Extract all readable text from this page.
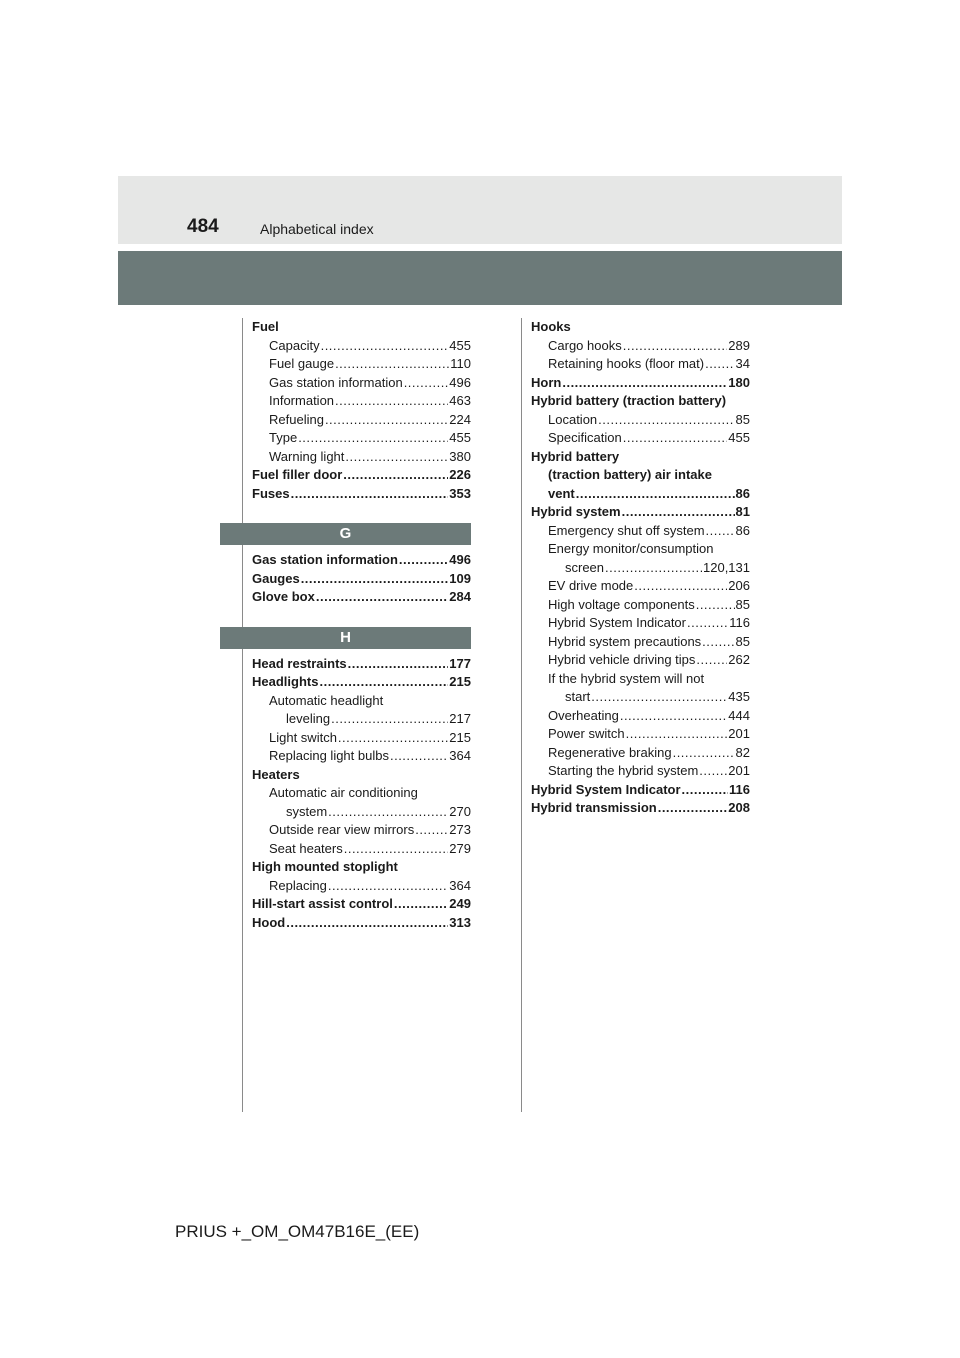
484	Alphabetical index
Fuel
Capacity .....	455
Fuel gauge .....	110
Gas station information .....	496
Information .....	463
Refueling .....	224
Type .....	455
Warning light .....	380
Fuel filler door .....	226
Fuses .....	353
G
Gas station information .....	496
Gauges .....	109
Glove box .....	284
H
Head restraints .....	177
Headlights .....	215
Automatic headlight
leveling .....	217
Light switch .....	215
Replacing light bulbs .....	364
Heaters
Automatic air conditioning
system .....	270
Outside rear view mirrors .....	273
Seat heaters .....	279
High mounted stoplight
Replacing .....	364
Hill-start assist control .....	249
Hood .....	313
Hooks
Cargo hooks .....	289
Retaining hooks (floor mat) ..... 34
Horn .....	180
Hybrid battery (traction battery)
Location .....	85
Specification .....	455
Hybrid battery
(traction battery) air intake
vent .....	86
Hybrid system .....	81
Emergency shut off system ..... 86
Energy monitor/consumption
screen .....	120,131
EV drive mode .....	206
High voltage components .....	85
Hybrid System Indicator .....	116
Hybrid system precautions .....	85
Hybrid vehicle driving tips .....	262
If the hybrid system will not
start .....	435
Overheating .....	444
Power switch .....	201
Regenerative braking .....	82
Starting the hybrid system ..... 201
Hybrid System Indicator .....	116
Hybrid transmission .....	208
PRIUS +_OM_OM47B16E_(EE)
